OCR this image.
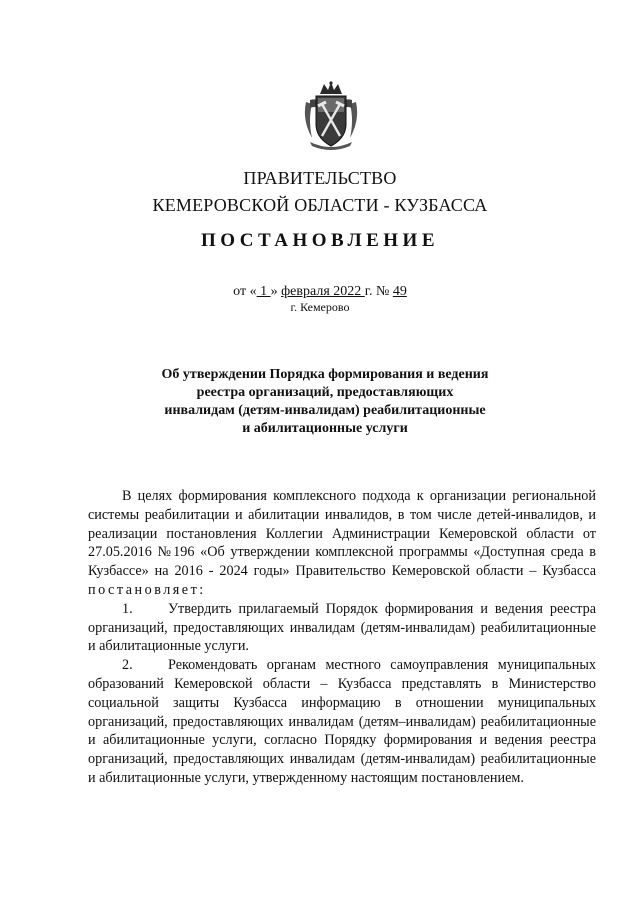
ПРАВИТЕЛЬСТВО
КЕМЕРОВСКОЙ ОБЛАСТИ - КУЗБАССА
ПОСТАНОВЛЕНИЕ
от « 1 » февраля 2022 г. № 49
г. Кемерово
Об утверждении Порядка формирования и ведения реестра организаций, предоставляющих инвалидам (детям-инвалидам) реабилитационные и абилитационные услуги

В целях формирования комплексного подхода к организации региональной системы реабилитации и абилитации инвалидов, в том числе детей-инвалидов, и реализации постановления Коллегии Администрации Кемеровской области от 27.05.2016 №196 «Об утверждении комплексной программы «Доступная среда в Кузбассе» на 2016 - 2024 годы» Правительство Кемеровской области – Кузбасса постановляет:

1. Утвердить прилагаемый Порядок формирования и ведения реестра организаций, предоставляющих инвалидам (детям-инвалидам) реабилитационные и абилитационные услуги.

2. Рекомендовать органам местного самоуправления муниципальных образований Кемеровской области – Кузбасса представлять в Министерство социальной защиты Кузбасса информацию в отношении муниципальных организаций, предоставляющих инвалидам (детям–инвалидам) реабилитационные и абилитационные услуги, согласно Порядку формирования и ведения реестра организаций, предоставляющих инвалидам (детям-инвалидам) реабилитационные и абилитационные услуги, утвержденному настоящим постановлением.
